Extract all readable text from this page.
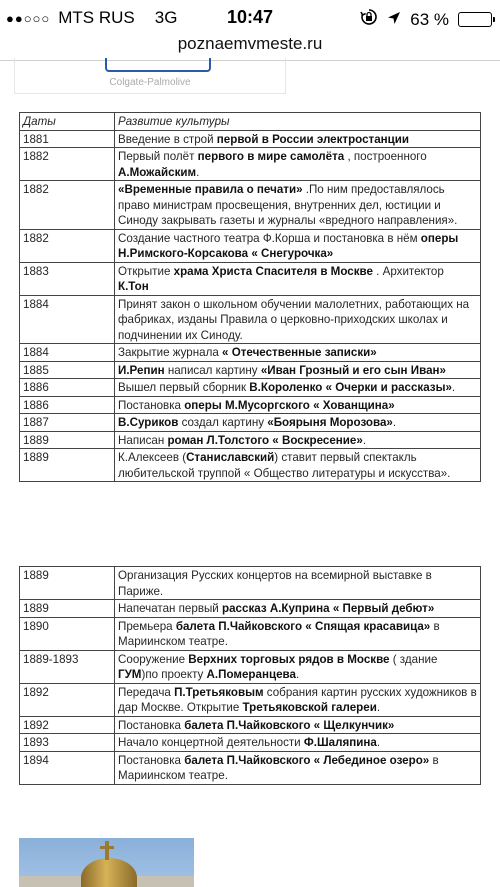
●●○○○ MTS RUS 3G	10:47	63 %
poznaemvmeste.ru
Colgate-Palmolive
Даты	Развитие культуры
1881	Введение в строй первой в России электростанции
1882	Первый полёт первого в мире самолёта , построенного А.Можайским.
1882	«Временные правила о печати» .По ним предоставлялось право министрам просвещения, внутренних дел, юстиции и Синоду закрывать газеты и журналы «вредного направления».
1882	Создание частного театра Ф.Корша и постановка в нём оперы Н.Римского-Корсакова « Снегурочка»
1883	Открытие храма Христа Спасителя в Москве . Архитектор К.Тон
1884	Принят закон о школьном обучении малолетних, работающих на фабриках, изданы Правила о церковно-приходских школах и подчинении их Синоду.
1884	Закрытие журнала « Отечественные записки»
1885	И.Репин написал картину «Иван Грозный и его сын Иван»
1886	Вышел первый сборник В.Короленко « Очерки и рассказы».
1886	Постановка оперы М.Мусоргского « Хованщина»
1887	В.Суриков создал картину «Боярыня Морозова».
1889	Написан роман Л.Толстого « Воскресение».
1889	К.Алексеев (Станиславский) ставит первый спектакль любительской труппой « Общество литературы и искусства».
1889	Организация Русских концертов на всемирной выставке в Париже.
1889	Напечатан первый рассказ А.Куприна « Первый дебют»
1890	Премьера балета П.Чайковского « Спящая красавица» в Мариинском театре.
1889-1893	Сооружение Верхних торговых рядов в Москве ( здание ГУМ)по проекту А.Померанцева.
1892	Передача П.Третьяковым собрания картин русских художников в дар Москве. Открытие Третьяковской галереи.
1892	Постановка балета П.Чайковского « Щелкунчик»
1893	Начало концертной деятельности Ф.Шаляпина.
1894	Постановка балета П.Чайковского « Лебединое озеро» в Мариинском театре.
